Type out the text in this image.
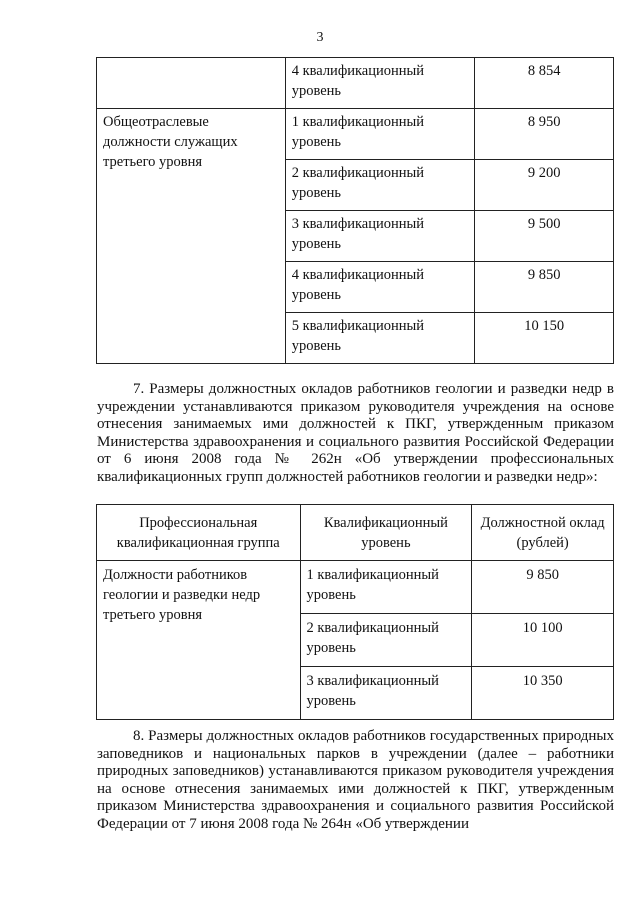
3
	4 квалификационный уровень	8 854
Общеотраслевые должности служащих третьего уровня	1 квалификационный уровень	8 950
	2 квалификационный уровень	9 200
	3 квалификационный уровень	9 500
	4 квалификационный уровень	9 850
	5 квалификационный уровень	10 150

7. Размеры должностных окладов работников геологии и разведки недр в учреждении устанавливаются приказом руководителя учреждения на основе отнесения занимаемых ими должностей к ПКГ, утвержденным приказом Министерства здравоохранения и социального развития Российской Федерации от 6 июня 2008 года № 262н «Об утверждении профессиональных квалификационных групп должностей работников геологии и разведки недр»:

Профессиональная квалификационная группа	Квалификационный уровень	Должностной оклад (рублей)
Должности работников геологии и разведки недр третьего уровня	1 квалификационный уровень	9 850
	2 квалификационный уровень	10 100
	3 квалификационный уровень	10 350

8. Размеры должностных окладов работников государственных природных заповедников и национальных парков в учреждении (далее – работники природных заповедников) устанавливаются приказом руководителя учреждения на основе отнесения занимаемых ими должностей к ПКГ, утвержденным приказом Министерства здравоохранения и социального развития Российской Федерации от 7 июня 2008 года № 264н «Об утверждении
